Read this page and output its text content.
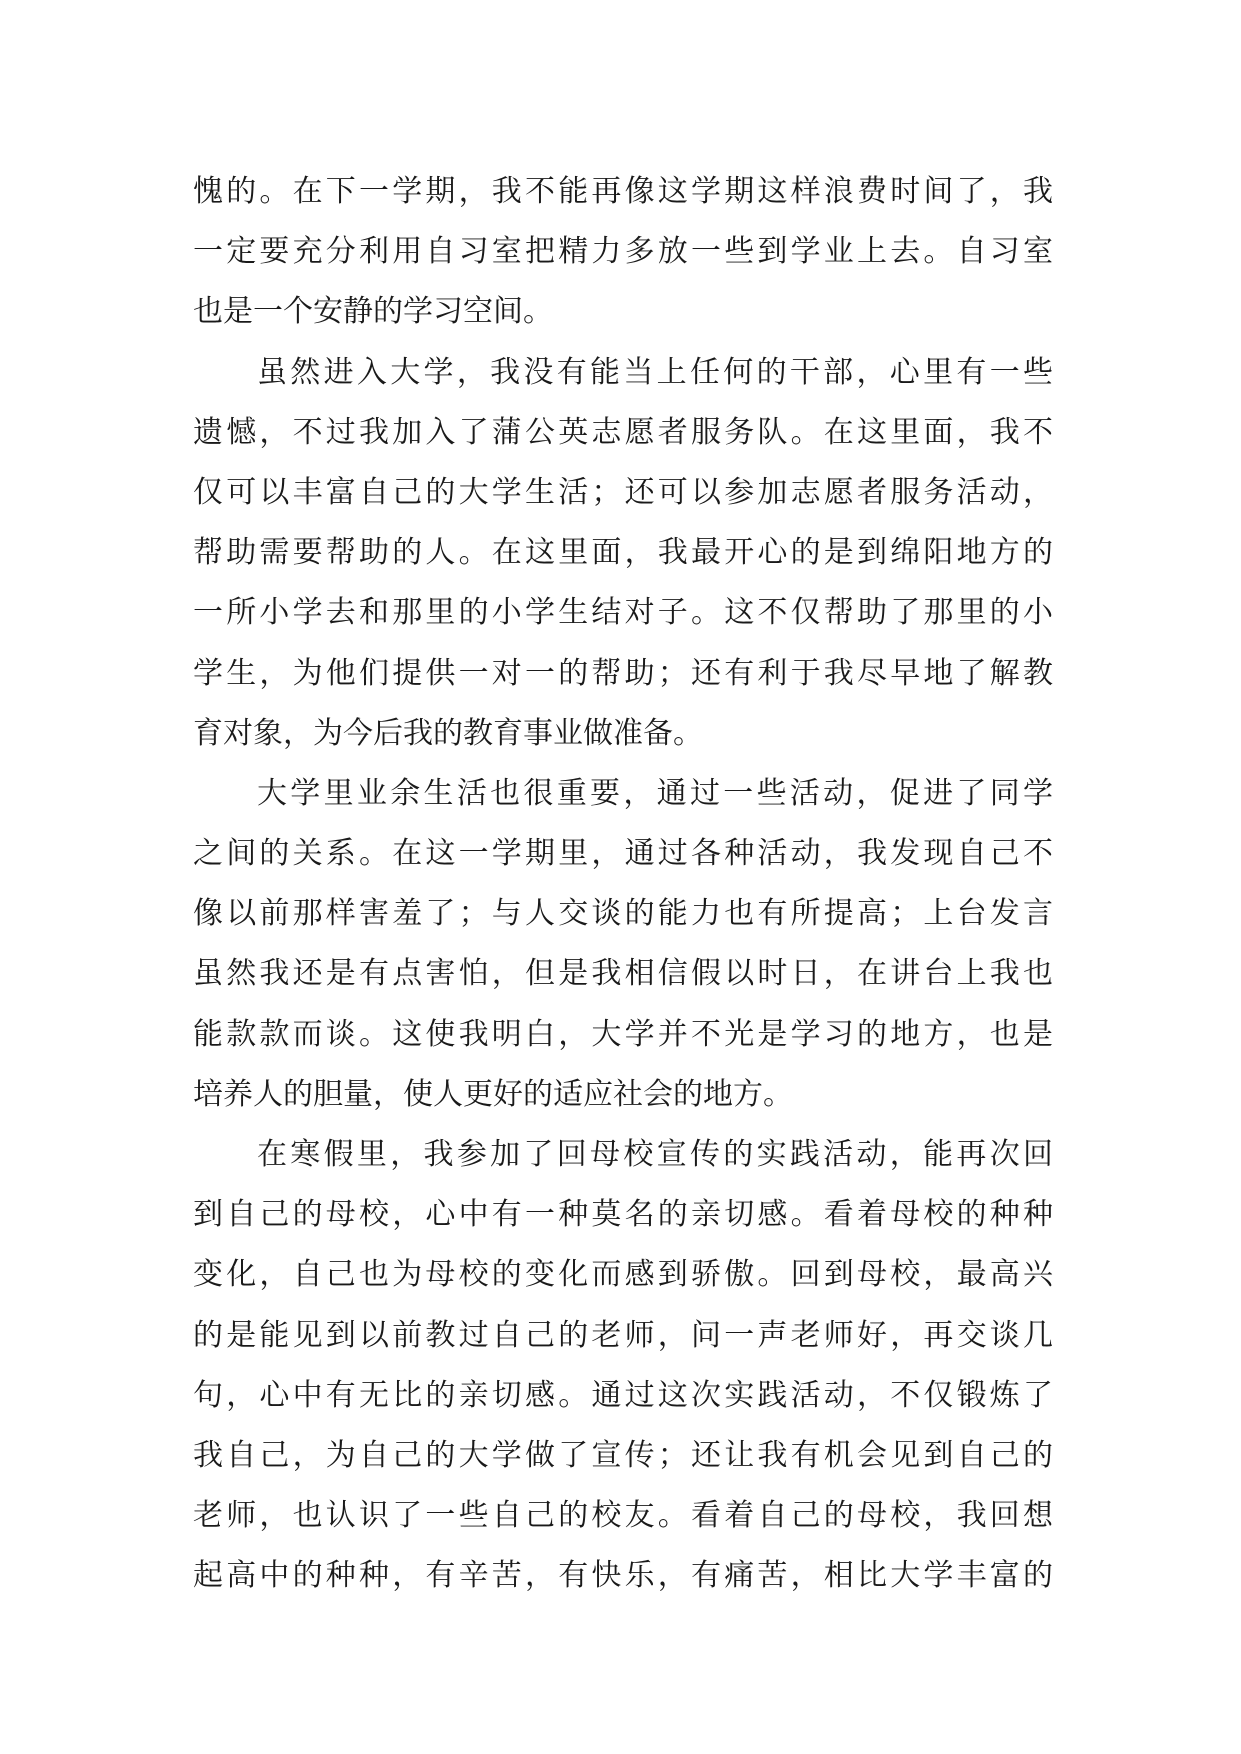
愧的。在下一学期，我不能再像这学期这样浪费时间了，我
一定要充分利用自习室把精力多放一些到学业上去。自习室
也是一个安静的学习空间。
虽然进入大学，我没有能当上任何的干部，心里有一些
遗憾，不过我加入了蒲公英志愿者服务队。在这里面，我不
仅可以丰富自己的大学生活；还可以参加志愿者服务活动，
帮助需要帮助的人。在这里面，我最开心的是到绵阳地方的
一所小学去和那里的小学生结对子。这不仅帮助了那里的小
学生，为他们提供一对一的帮助；还有利于我尽早地了解教
育对象，为今后我的教育事业做准备。
大学里业余生活也很重要，通过一些活动，促进了同学
之间的关系。在这一学期里，通过各种活动，我发现自己不
像以前那样害羞了；与人交谈的能力也有所提高；上台发言
虽然我还是有点害怕，但是我相信假以时日，在讲台上我也
能款款而谈。这使我明白，大学并不光是学习的地方，也是
培养人的胆量，使人更好的适应社会的地方。
在寒假里，我参加了回母校宣传的实践活动，能再次回
到自己的母校，心中有一种莫名的亲切感。看着母校的种种
变化，自己也为母校的变化而感到骄傲。回到母校，最高兴
的是能见到以前教过自己的老师，问一声老师好，再交谈几
句，心中有无比的亲切感。通过这次实践活动，不仅锻炼了
我自己，为自己的大学做了宣传；还让我有机会见到自己的
老师，也认识了一些自己的校友。看着自己的母校，我回想
起高中的种种，有辛苦，有快乐，有痛苦，相比大学丰富的
